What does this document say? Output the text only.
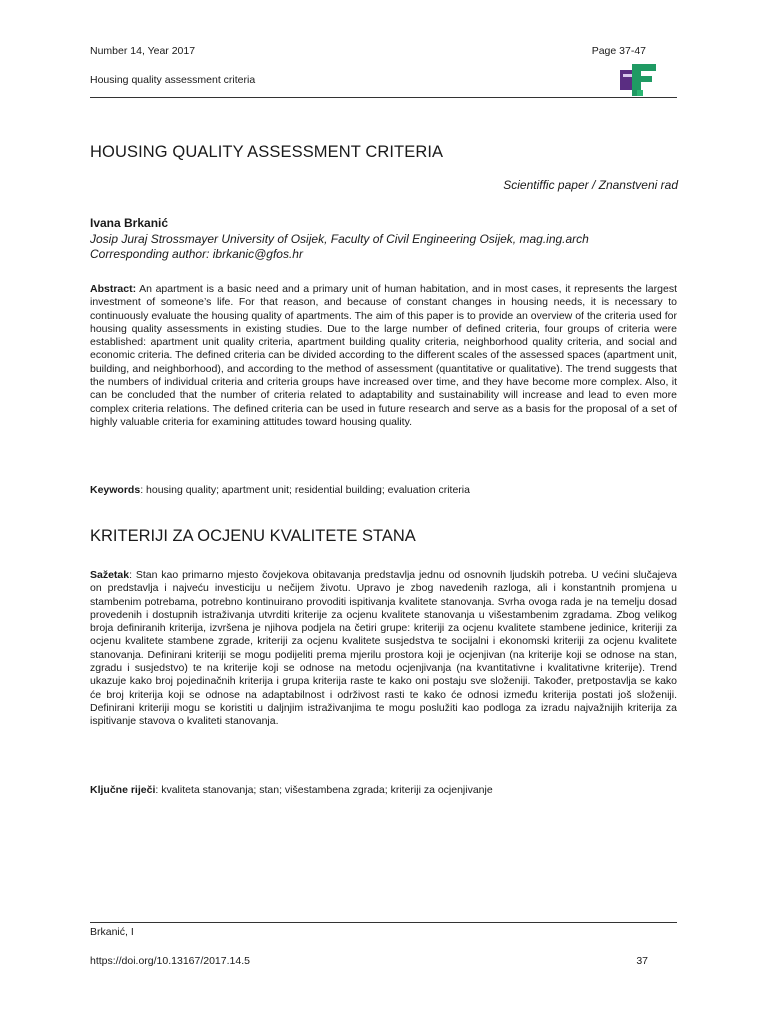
Number 14, Year 2017
Housing quality assessment criteria
Page 37-47
HOUSING QUALITY ASSESSMENT CRITERIA
Scientiffic paper / Znanstveni rad
Ivana Brkanić
Josip Juraj Strossmayer University of Osijek, Faculty of Civil Engineering Osijek, mag.ing.arch
Corresponding author: ibrkanic@gfos.hr
Abstract: An apartment is a basic need and a primary unit of human habitation, and in most cases, it represents the largest investment of someone’s life. For that reason, and because of constant changes in housing needs, it is necessary to continuously evaluate the housing quality of apartments. The aim of this paper is to provide an overview of the criteria used for housing quality assessments in existing studies. Due to the large number of defined criteria, four groups of criteria were established: apartment unit quality criteria, apartment building quality criteria, neighborhood quality criteria, and social and economic criteria. The defined criteria can be divided according to the different scales of the assessed spaces (apartment unit, building, and neighborhood), and according to the method of assessment (quantitative or qualitative). The trend suggests that the numbers of individual criteria and criteria groups have increased over time, and they have become more complex. Also, it can be concluded that the number of criteria related to adaptability and sustainability will increase and lead to even more complex criteria relations. The defined criteria can be used in future research and serve as a basis for the proposal of a set of highly valuable criteria for examining attitudes toward housing quality.
Keywords: housing quality; apartment unit; residential building; evaluation criteria
KRITERIJI ZA OCJENU KVALITETE STANA
Sažetak: Stan kao primarno mjesto čovjekova obitavanja predstavlja jednu od osnovnih ljudskih potreba. U većini slučajeva on predstavlja i najveću investiciju u nečijem životu. Upravo je zbog navedenih razloga, ali i konstantnih promjena u stambenim potrebama, potrebno kontinuirano provoditi ispitivanja kvalitete stanovanja. Svrha ovoga rada je na temelju dosad provedenih i dostupnih istraživanja utvrditi kriterije za ocjenu kvalitete stanovanja u višestambenim zgradama. Zbog velikog broja definiranih kriterija, izvršena je njihova podjela na četiri grupe: kriteriji za ocjenu kvalitete stambene jedinice, kriteriji za ocjenu kvalitete stambene zgrade, kriteriji za ocjenu kvalitete susjedstva te socijalni i ekonomski kriteriji za ocjenu kvalitete stanovanja. Definirani kriteriji se mogu podijeliti prema mjerilu prostora koji je ocjenjivan (na kriterije koji se odnose na stan, zgradu i susjedstvo) te na kriterije koji se odnose na metodu ocjenjivanja (na kvantitativne i kvalitativne kriterije). Trend ukazuje kako broj pojedinačnih kriterija i grupa kriterija raste te kako oni postaju sve složeniji. Također, pretpostavlja se kako će broj kriterija koji se odnose na adaptabilnost i održivost rasti te kako će odnosi između kriterija postati još složeniji. Definirani kriteriji mogu se koristiti u daljnjim istraživanjima te mogu poslužiti kao podloga za izradu najvažnijih kriterija za ispitivanje stavova o kvaliteti stanovanja.
Ključne riječi: kvaliteta stanovanja; stan; višestambena zgrada; kriteriji za ocjenjivanje
Brkanić, I
https://doi.org/10.13167/2017.14.5	37
